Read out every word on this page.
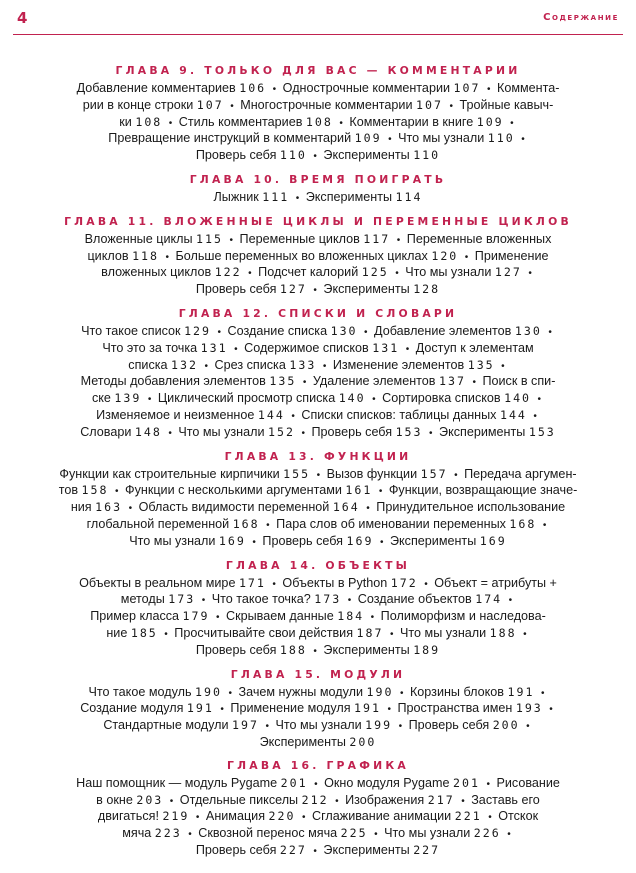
4	Содержание
ГЛАВА 9. ТОЛЬКО ДЛЯ ВАС — КОММЕНТАРИИ
Добавление комментариев 106 • Однострочные комментарии 107 • Коммента-
рии в конце строки 107 • Многострочные комментарии 107 • Тройные кавыч-
ки 108 • Стиль комментариев 108 • Комментарии в книге 109 •
Превращение инструкций в комментарий 109 • Что мы узнали 110 •
Проверь себя 110 • Эксперименты 110
ГЛАВА 10. ВРЕМЯ ПОИГРАТЬ
Лыжник 111 • Эксперименты 114
ГЛАВА 11. ВЛОЖЕННЫЕ ЦИКЛЫ И ПЕРЕМЕННЫЕ ЦИКЛОВ
Вложенные циклы 115 • Переменные циклов 117 • Переменные вложенных
циклов 118 • Больше переменных во вложенных циклах 120 • Применение
вложенных циклов 122 • Подсчет калорий 125 • Что мы узнали 127 •
Проверь себя 127 • Эксперименты 128
ГЛАВА 12. СПИСКИ И СЛОВАРИ
Что такое список 129 • Создание списка 130 • Добавление элементов 130 •
Что это за точка 131 • Содержимое списков 131 • Доступ к элементам
списка 132 • Срез списка 133 • Изменение элементов 135 •
Методы добавления элементов 135 • Удаление элементов 137 • Поиск в спи-
ске 139 • Циклический просмотр списка 140 • Сортировка списков 140 •
Изменяемое и неизменное 144 • Списки списков: таблицы данных 144 •
Словари 148 • Что мы узнали 152 • Проверь себя 153 • Эксперименты 153
ГЛАВА 13. ФУНКЦИИ
Функции как строительные кирпичики 155 • Вызов функции 157 • Передача аргумен-
тов 158 • Функции с несколькими аргументами 161 • Функции, возвращающие значе-
ния 163 • Область видимости переменной 164 • Принудительное использование
глобальной переменной 168 • Пара слов об именовании переменных 168 •
Что мы узнали 169 • Проверь себя 169 • Эксперименты 169
ГЛАВА 14. ОБЪЕКТЫ
Объекты в реальном мире 171 • Объекты в Python 172 • Объект = атрибуты +
методы 173 • Что такое точка? 173 • Создание объектов 174 •
Пример класса 179 • Скрываем данные 184 • Полиморфизм и наследова-
ние 185 • Просчитывайте свои действия 187 • Что мы узнали 188 •
Проверь себя 188 • Эксперименты 189
ГЛАВА 15. МОДУЛИ
Что такое модуль 190 • Зачем нужны модули 190 • Корзины блоков 191 •
Создание модуля 191 • Применение модуля 191 • Пространства имен 193 •
Стандартные модули 197 • Что мы узнали 199 • Проверь себя 200 •
Эксперименты 200
ГЛАВА 16. ГРАФИКА
Наш помощник — модуль Pygame 201 • Окно модуля Pygame 201 • Рисование
в окне 203 • Отдельные пикселы 212 • Изображения 217 • Заставь его
двигаться! 219 • Анимация 220 • Сглаживание анимации 221 • Отскок
мяча 223 • Сквозной перенос мяча 225 • Что мы узнали 226 •
Проверь себя 227 • Эксперименты 227
